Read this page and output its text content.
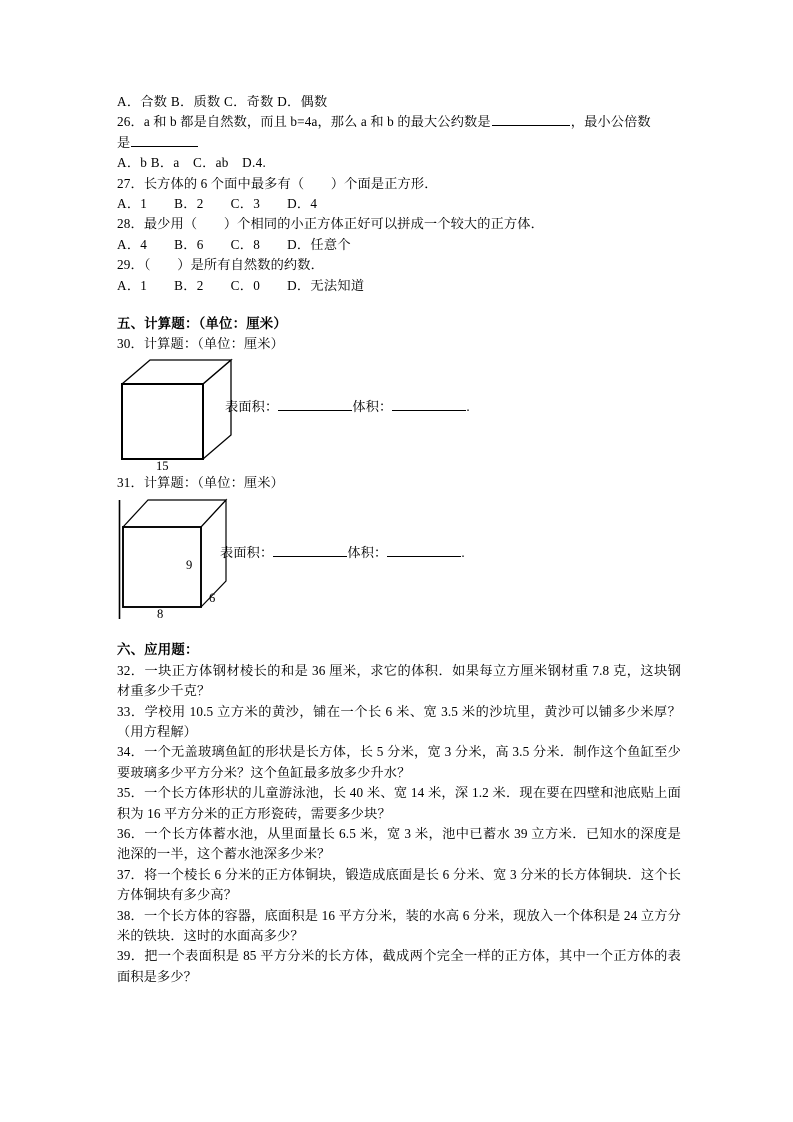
A．合数 B．质数 C．奇数 D．偶数

26．a 和 b 都是自然数，而且 b=4a，那么 a 和 b 的最大公约数是	，最小公倍数
是

A．b B．a　C．ab　D.4.

27．长方体的 6 个面中最多有（　　）个面是正方形．

A．1　　B．2　　C．3　　D．4

28．最少用（　　）个相同的小正方体正好可以拼成一个较大的正方体．

A．4　　B．6　　C．8　　D．任意个

29．（　　）是所有自然数的约数．

A．1　　B．2　　C．0　　D．无法知道

五、计算题：（单位：厘米）

30．计算题：（单位：厘米）

15
表面积：	体积：	.

31．计算题：（单位：厘米）

9
6
8
表面积：	体积：	.

六、应用题：

32．一块正方体钢材棱长的和是 36 厘米，求它的体积．如果每立方厘米钢材重 7.8 克，这块钢材重多少千克？

33．学校用 10.5 立方米的黄沙，铺在一个长 6 米、宽 3.5 米的沙坑里，黄沙可以铺多少米厚？（用方程解）

34．一个无盖玻璃鱼缸的形状是长方体，长 5 分米，宽 3 分米，高 3.5 分米．制作这个鱼缸至少要玻璃多少平方分米？这个鱼缸最多放多少升水？

35．一个长方体形状的儿童游泳池，长 40 米、宽 14 米，深 1.2 米．现在要在四壁和池底贴上面积为 16 平方分米的正方形瓷砖，需要多少块？

36．一个长方体蓄水池，从里面量长 6.5 米，宽 3 米，池中已蓄水 39 立方米．已知水的深度是池深的一半，这个蓄水池深多少米？

37．将一个棱长 6 分米的正方体铜块，锻造成底面是长 6 分米、宽 3 分米的长方体铜块．这个长方体铜块有多少高？

38．一个长方体的容器，底面积是 16 平方分米，装的水高 6 分米，现放入一个体积是 24 立方分米的铁块．这时的水面高多少？

39．把一个表面积是 85 平方分米的长方体，截成两个完全一样的正方体，其中一个正方体的表面积是多少？
